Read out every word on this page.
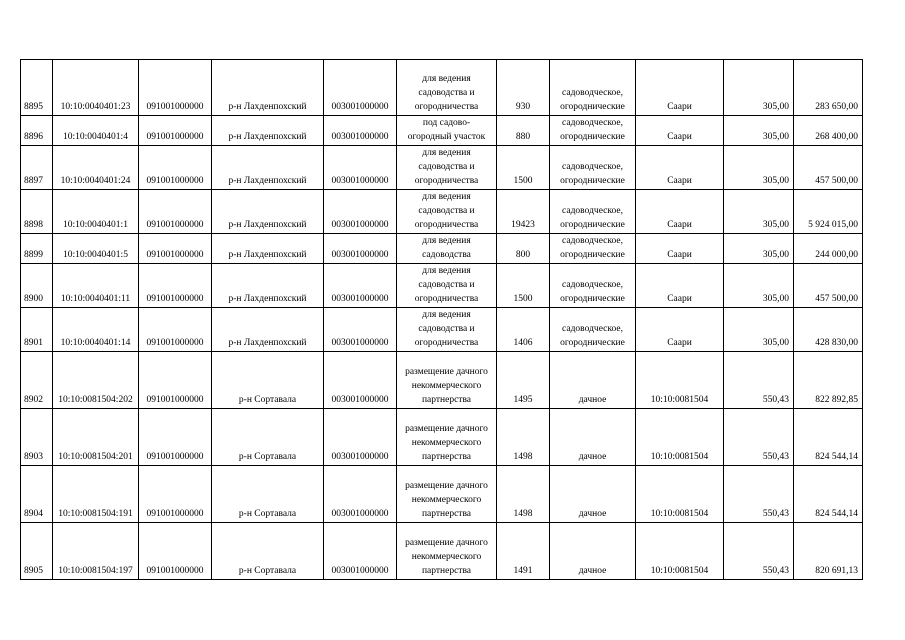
8895	10:10:0040401:23	091001000000	р-н Лахденпохский	003001000000	для ведения
садоводства и
огородничества	930	садоводческое,
огороднические	Саари	305,00	283 650,00
8896	10:10:0040401:4	091001000000	р-н Лахденпохский	003001000000	под садово-
огородный участок	880	садоводческое,
огороднические	Саари	305,00	268 400,00
8897	10:10:0040401:24	091001000000	р-н Лахденпохский	003001000000	для ведения
садоводства и
огородничества	1500	садоводческое,
огороднические	Саари	305,00	457 500,00
8898	10:10:0040401:1	091001000000	р-н Лахденпохский	003001000000	для ведения
садоводства и
огородничества	19423	садоводческое,
огороднические	Саари	305,00	5 924 015,00
8899	10:10:0040401:5	091001000000	р-н Лахденпохский	003001000000	для ведения
садоводства	800	садоводческое,
огороднические	Саари	305,00	244 000,00
8900	10:10:0040401:11	091001000000	р-н Лахденпохский	003001000000	для ведения
садоводства и
огородничества	1500	садоводческое,
огороднические	Саари	305,00	457 500,00
8901	10:10:0040401:14	091001000000	р-н Лахденпохский	003001000000	для ведения
садоводства и
огородничества	1406	садоводческое,
огороднические	Саари	305,00	428 830,00
8902	10:10:0081504:202	091001000000	р-н Сортавала	003001000000	размещение дачного
некоммерческого
партнерства	1495	дачное	10:10:0081504	550,43	822 892,85
8903	10:10:0081504:201	091001000000	р-н Сортавала	003001000000	размещение дачного
некоммерческого
партнерства	1498	дачное	10:10:0081504	550,43	824 544,14
8904	10:10:0081504:191	091001000000	р-н Сортавала	003001000000	размещение дачного
некоммерческого
партнерства	1498	дачное	10:10:0081504	550,43	824 544,14
8905	10:10:0081504:197	091001000000	р-н Сортавала	003001000000	размещение дачного
некоммерческого
партнерства	1491	дачное	10:10:0081504	550,43	820 691,13
